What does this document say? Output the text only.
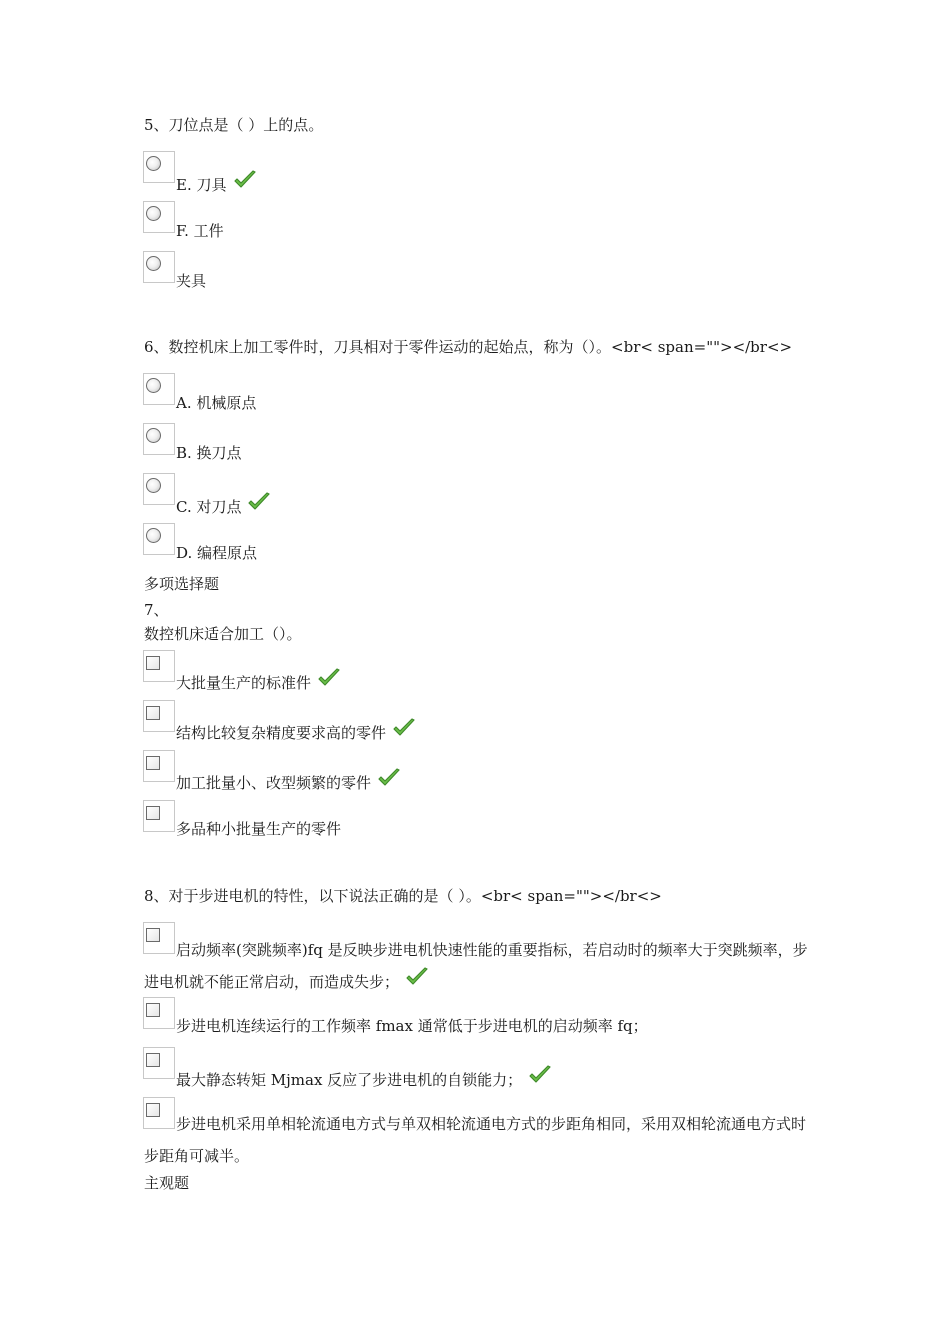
5、刀位点是（ ）上的点。
E. 刀具
F. 工件
夹具
6、数控机床上加工零件时，刀具相对于零件运动的起始点，称为（）。<br< span=""></br<>
A. 机械原点
B. 换刀点
C. 对刀点
D. 编程原点
多项选择题
7、
数控机床适合加工（）。
大批量生产的标准件
结构比较复杂精度要求高的零件
加工批量小、改型频繁的零件
多品种小批量生产的零件
8、对于步进电机的特性，以下说法正确的是（ ）。<br< span=""></br<>
启动频率(突跳频率)fq 是反映步进电机快速性能的重要指标，若启动时的频率大于突跳频率，步进电机就不能正常启动，而造成失步；
步进电机连续运行的工作频率 fmax 通常低于步进电机的启动频率 fq；
最大静态转矩 Mjmax 反应了步进电机的自锁能力；
步进电机采用单相轮流通电方式与单双相轮流通电方式的步距角相同，采用双相轮流通电方式时步距角可减半。
主观题
